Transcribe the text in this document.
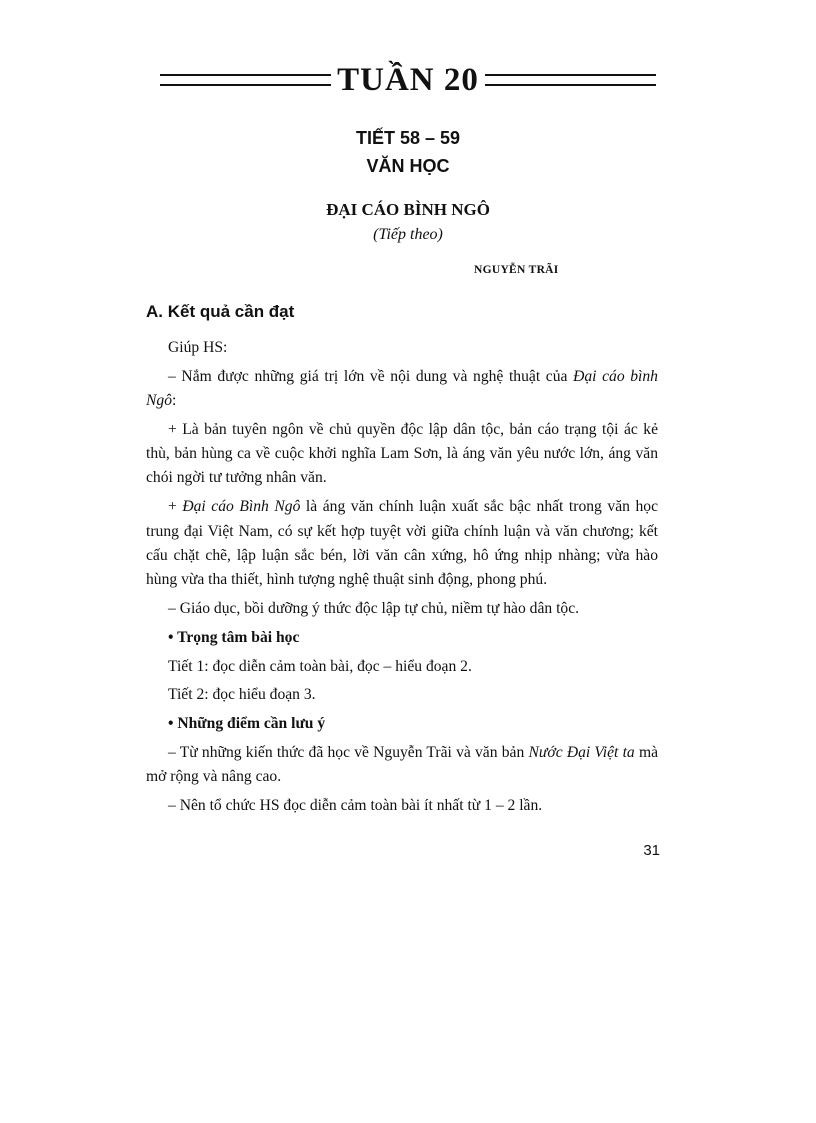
TUẦN 20
TIẾT 58 – 59
VĂN HỌC
ĐẠI CÁO BÌNH NGÔ
(Tiếp theo)
NGUYỄN TRÃI
A. Kết quả cần đạt

Giúp HS:

– Nắm được những giá trị lớn về nội dung và nghệ thuật của Đại cáo bình Ngô:

+ Là bản tuyên ngôn về chủ quyền độc lập dân tộc, bản cáo trạng tội ác kẻ thù, bản hùng ca về cuộc khởi nghĩa Lam Sơn, là áng văn yêu nước lớn, áng văn chói ngời tư tưởng nhân văn.

+ Đại cáo Bình Ngô là áng văn chính luận xuất sắc bậc nhất trong văn học trung đại Việt Nam, có sự kết hợp tuyệt vời giữa chính luận và văn chương; kết cấu chặt chẽ, lập luận sắc bén, lời văn cân xứng, hô ứng nhịp nhàng; vừa hào hùng vừa tha thiết, hình tượng nghệ thuật sinh động, phong phú.

– Giáo dục, bồi dưỡng ý thức độc lập tự chủ, niềm tự hào dân tộc.

• Trọng tâm bài học

Tiết 1: đọc diễn cảm toàn bài, đọc – hiểu đoạn 2.

Tiết 2: đọc hiểu đoạn 3.

• Những điểm cần lưu ý

– Từ những kiến thức đã học về Nguyễn Trãi và văn bản Nước Đại Việt ta mà mở rộng và nâng cao.

– Nên tổ chức HS đọc diễn cảm toàn bài ít nhất từ 1 – 2 lần.

31
